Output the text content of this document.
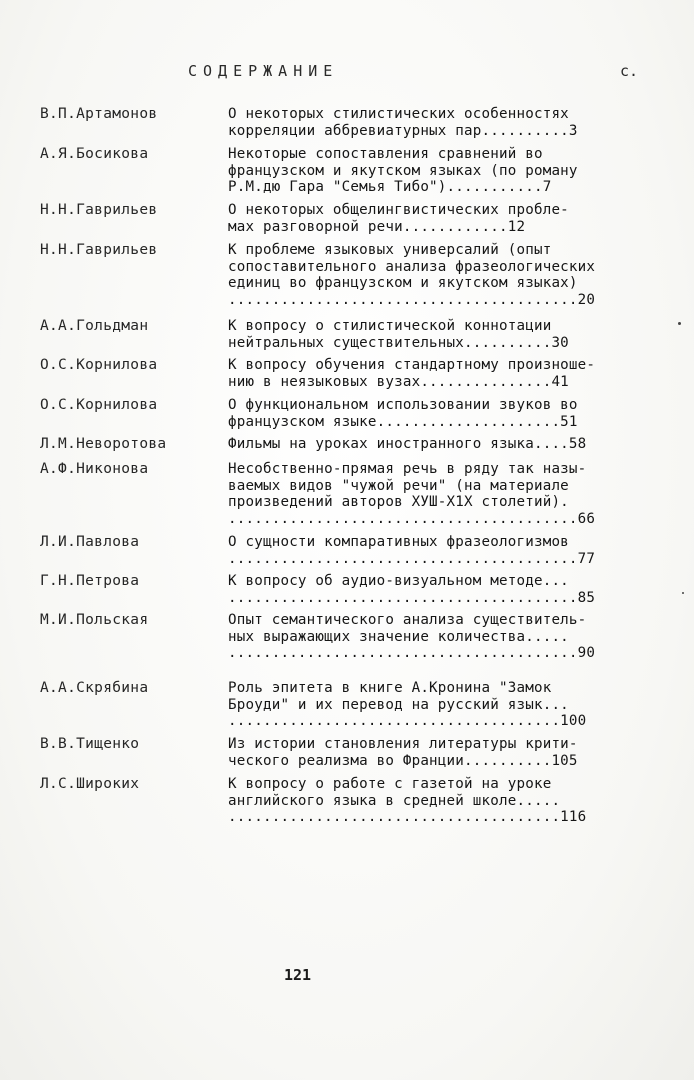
СОДЕРЖАНИЕ	с.
В.П.Артамонов	О некоторых стилистических особенностях
корреляции аббревиатурных пар..........3
А.Я.Босикова	Некоторые сопоставления сравнений во
французском и якутском языках (по роману
Р.М.дю Гара "Семья Тибо")...........7
Н.Н.Гаврильев	О некоторых общелингвистических пробле-
мах разговорной речи............12
Н.Н.Гаврильев	К проблеме языковых универсалий (опыт
сопоставительного анализа фразеологических
единиц во французском и якутском языках)
........................................20
А.А.Гольдман	К вопросу о стилистической коннотации
нейтральных существительных..........30
О.С.Корнилова	К вопросу обучения стандартному произноше-
нию в неязыковых вузах...............41
О.С.Корнилова	О функциональном использовании звуков во
французском языке.....................51
Л.М.Неворотова	Фильмы на уроках иностранного языка....58
А.Ф.Никонова	Несобственно-прямая речь в ряду так назы-
ваемых видов "чужой речи" (на материале
произведений авторов ХУШ-Х1Х столетий).
........................................66
Л.И.Павлова	О сущности компаративных фразеологизмов
........................................77
Г.Н.Петрова	К вопросу об аудио-визуальном методе...
........................................85
М.И.Польская	Опыт семантического анализа существитель-
ных выражающих значение количества.....
........................................90
А.А.Скрябина	Роль эпитета в книге А.Кронина "Замок
Броуди" и их перевод на русский язык...
......................................100
В.В.Тищенко	Из истории становления литературы крити-
ческого реализма во Франции..........105
Л.С.Широких	К вопросу о работе с газетой на уроке
английского языка в средней школе.....
......................................116
121
